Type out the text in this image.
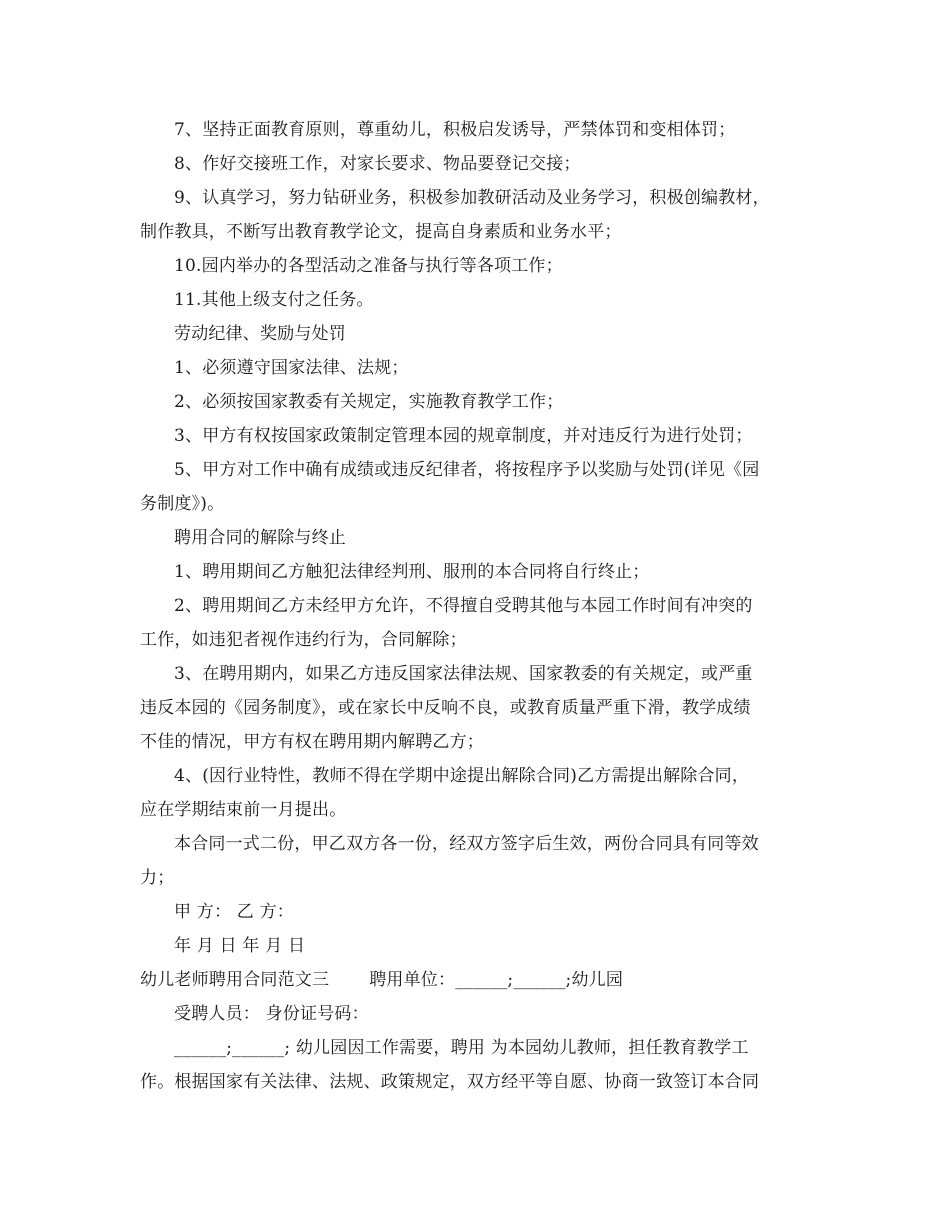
7、坚持正面教育原则，尊重幼儿，积极启发诱导，严禁体罚和变相体罚；
8、作好交接班工作，对家长要求、物品要登记交接；
9、认真学习，努力钻研业务，积极参加教研活动及业务学习，积极创编教材，
制作教具，不断写出教育教学论文，提高自身素质和业务水平；
10.园内举办的各型活动之准备与执行等各项工作；
11.其他上级支付之任务。
劳动纪律、奖励与处罚
1、必须遵守国家法律、法规；
2、必须按国家教委有关规定，实施教育教学工作；
3、甲方有权按国家政策制定管理本园的规章制度，并对违反行为进行处罚；
5、甲方对工作中确有成绩或违反纪律者，将按程序予以奖励与处罚(详见《园
务制度》)。
聘用合同的解除与终止
1、聘用期间乙方触犯法律经判刑、服刑的本合同将自行终止；
2、聘用期间乙方未经甲方允许，不得擅自受聘其他与本园工作时间有冲突的
工作，如违犯者视作违约行为，合同解除；
3、在聘用期内，如果乙方违反国家法律法规、国家教委的有关规定，或严重
违反本园的《园务制度》，或在家长中反响不良，或教育质量严重下滑，教学成绩
不佳的情况，甲方有权在聘用期内解聘乙方；
4、(因行业特性，教师不得在学期中途提出解除合同)乙方需提出解除合同，
应在学期结束前一月提出。
本合同一式二份，甲乙双方各一份，经双方签字后生效，两份合同具有同等效
力；
甲 方： 乙 方：
年 月 日 年 月 日
幼儿老师聘用合同范文三 聘用单位：______;______;幼儿园
受聘人员： 身份证号码：
______;______; 幼儿园因工作需要，聘用 为本园幼儿教师，担任教育教学工
作。根据国家有关法律、法规、政策规定，双方经平等自愿、协商一致签订本合同
